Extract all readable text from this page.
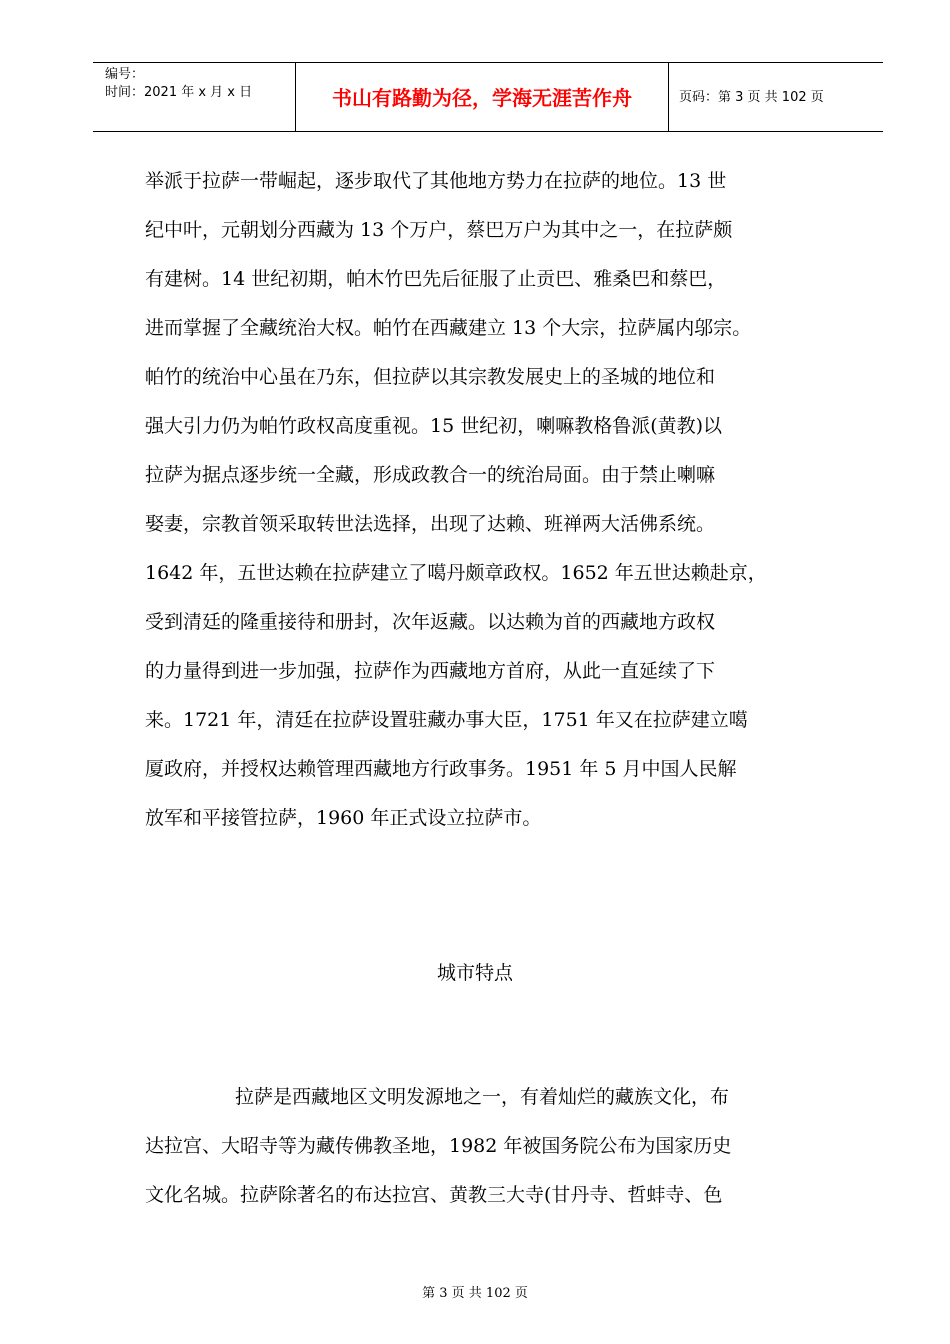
编号：
时间：2021 年 x 月 x 日	书山有路勤为径，学海无涯苦作舟	页码：第 3 页 共 102 页
举派于拉萨一带崛起，逐步取代了其他地方势力在拉萨的地位。13 世
纪中叶，元朝划分西藏为 13 个万户，蔡巴万户为其中之一，在拉萨颇
有建树。14 世纪初期，帕木竹巴先后征服了止贡巴、雅桑巴和蔡巴，
进而掌握了全藏统治大权。帕竹在西藏建立 13 个大宗，拉萨属内邬宗。
帕竹的统治中心虽在乃东，但拉萨以其宗教发展史上的圣城的地位和
强大引力仍为帕竹政权高度重视。15 世纪初，喇嘛教格鲁派(黄教)以
拉萨为据点逐步统一全藏，形成政教合一的统治局面。由于禁止喇嘛
娶妻，宗教首领采取转世法选择，出现了达赖、班禅两大活佛系统。
1642 年，五世达赖在拉萨建立了噶丹颇章政权。1652 年五世达赖赴京，
受到清廷的隆重接待和册封，次年返藏。以达赖为首的西藏地方政权
的力量得到进一步加强，拉萨作为西藏地方首府，从此一直延续了下
来。1721 年，清廷在拉萨设置驻藏办事大臣，1751 年又在拉萨建立噶
厦政府，并授权达赖管理西藏地方行政事务。1951 年 5 月中国人民解
放军和平接管拉萨，1960 年正式设立拉萨市。
城市特点
拉萨是西藏地区文明发源地之一，有着灿烂的藏族文化，布
达拉宫、大昭寺等为藏传佛教圣地，1982 年被国务院公布为国家历史
文化名城。拉萨除著名的布达拉宫、黄教三大寺(甘丹寺、哲蚌寺、色
第 3 页 共 102 页
